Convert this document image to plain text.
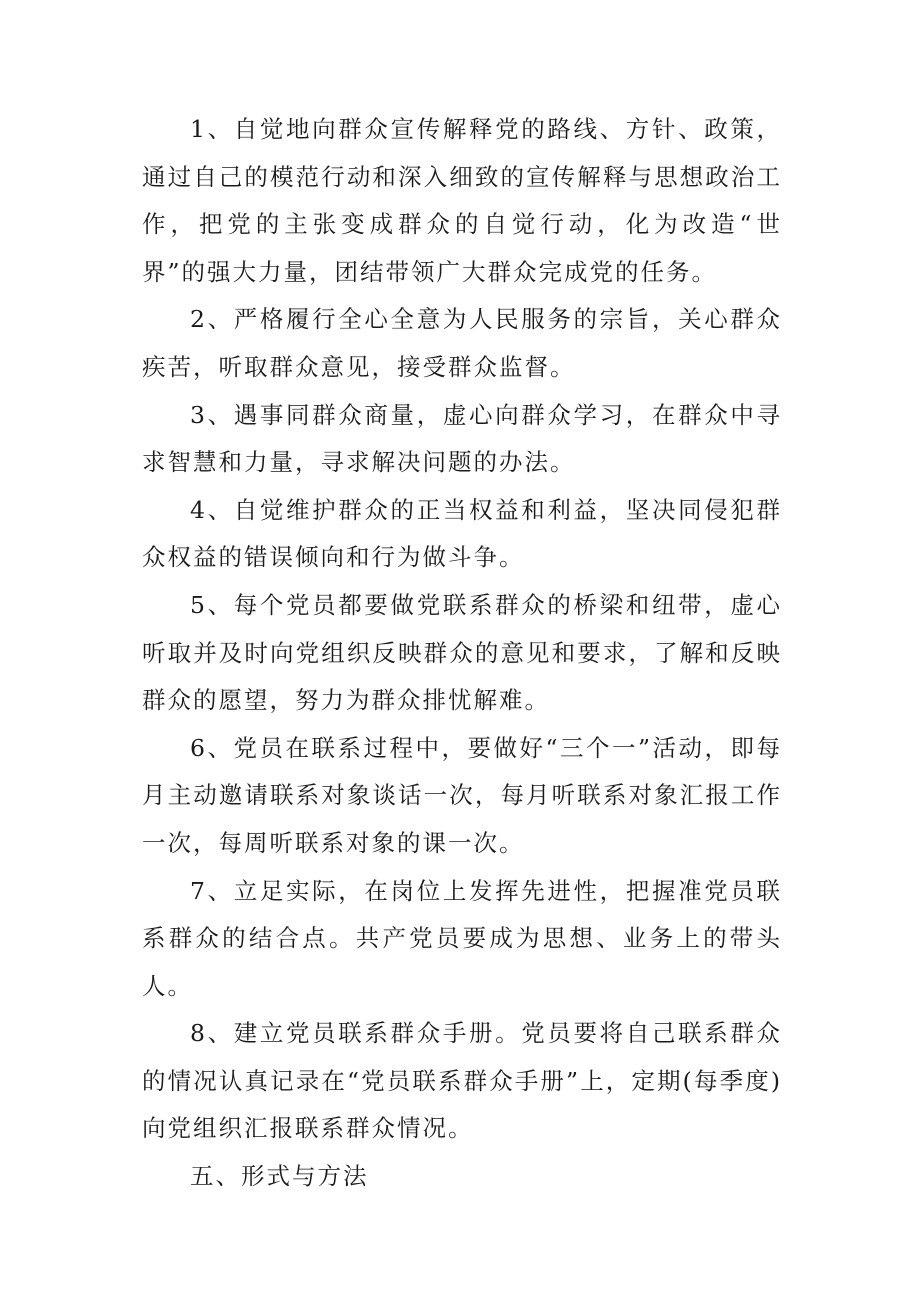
1、自觉地向群众宣传解释党的路线、方针、政策，通过自己的模范行动和深入细致的宣传解释与思想政治工作，把党的主张变成群众的自觉行动，化为改造“世界”的强大力量，团结带领广大群众完成党的任务。

2、严格履行全心全意为人民服务的宗旨，关心群众疾苦，听取群众意见，接受群众监督。

3、遇事同群众商量，虚心向群众学习，在群众中寻求智慧和力量，寻求解决问题的办法。

4、自觉维护群众的正当权益和利益，坚决同侵犯群众权益的错误倾向和行为做斗争。

5、每个党员都要做党联系群众的桥梁和纽带，虚心听取并及时向党组织反映群众的意见和要求，了解和反映群众的愿望，努力为群众排忧解难。

6、党员在联系过程中，要做好“三个一”活动，即每月主动邀请联系对象谈话一次，每月听联系对象汇报工作一次，每周听联系对象的课一次。

7、立足实际，在岗位上发挥先进性，把握准党员联系群众的结合点。共产党员要成为思想、业务上的带头人。

8、建立党员联系群众手册。党员要将自己联系群众的情况认真记录在“党员联系群众手册”上，定期(每季度)向党组织汇报联系群众情况。

五、形式与方法
